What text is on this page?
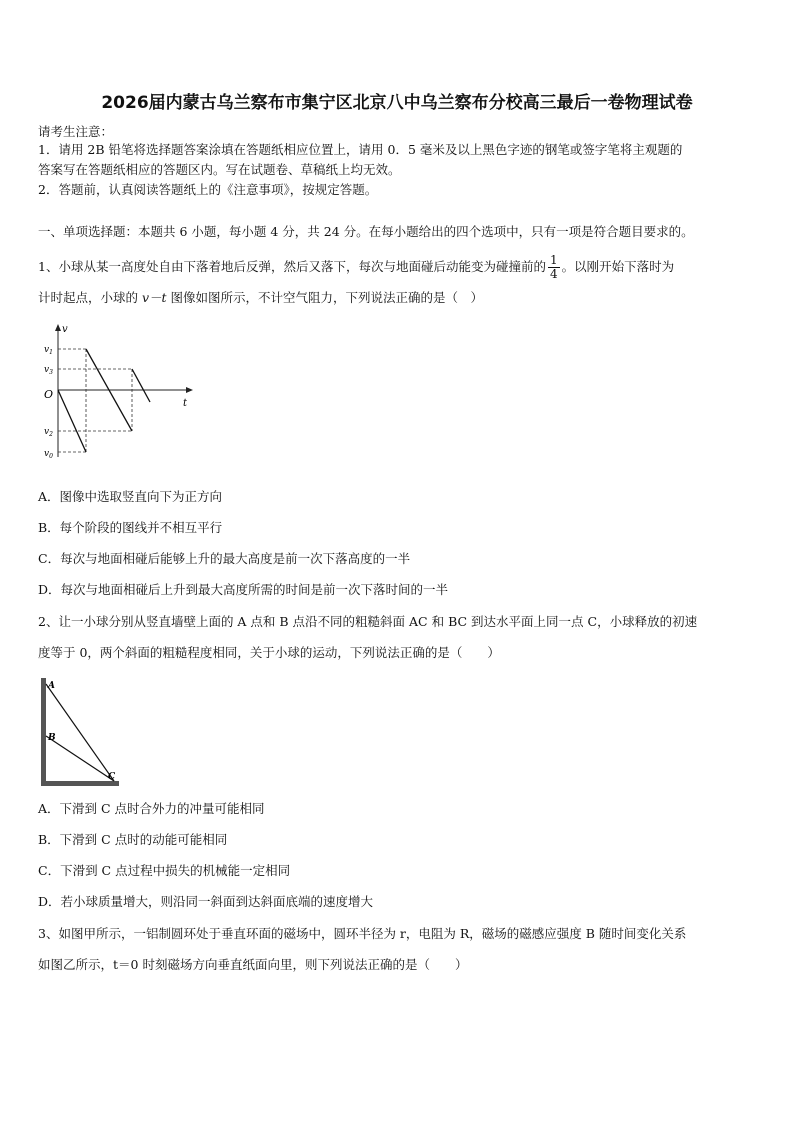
2026届内蒙古乌兰察布市集宁区北京八中乌兰察布分校高三最后一卷物理试卷
请考生注意：
1．请用 2B 铅笔将选择题答案涂填在答题纸相应位置上，请用 0．5 毫米及以上黑色字迹的钢笔或签字笔将主观题的
答案写在答题纸相应的答题区内。写在试题卷、草稿纸上均无效。
2．答题前，认真阅读答题纸上的《注意事项》，按规定答题。
一、单项选择题：本题共 6 小题，每小题 4 分，共 24 分。在每小题给出的四个选项中，只有一项是符合题目要求的。
1、小球从某一高度处自由下落着地后反弹，然后又落下，每次与地面碰后动能变为碰撞前的 $\frac{1}{4}$ 。以刚开始下落时为
计时起点，小球的 v－t 图像如图所示，不计空气阻力，下列说法正确的是（　）
v
t
O
$v_1$
$v_3$
$v_2$
$v_0$
A．图像中选取竖直向下为正方向
B．每个阶段的图线并不相互平行
C．每次与地面相碰后能够上升的最大高度是前一次下落高度的一半
D．每次与地面相碰后上升到最大高度所需的时间是前一次下落时间的一半
2、让一小球分别从竖直墙壁上面的 A 点和 B 点沿不同的粗糙斜面 AC 和 BC 到达水平面上同一点 C，小球释放的初速
度等于 0，两个斜面的粗糙程度相同，关于小球的运动，下列说法正确的是（　　）
A
B
C
A．下滑到 C 点时合外力的冲量可能相同
B．下滑到 C 点时的动能可能相同
C．下滑到 C 点过程中损失的机械能一定相同
D．若小球质量增大，则沿同一斜面到达斜面底端的速度增大
3、如图甲所示，一铝制圆环处于垂直环面的磁场中，圆环半径为 r，电阻为 R，磁场的磁感应强度 B 随时间变化关系
如图乙所示，t＝0 时刻磁场方向垂直纸面向里，则下列说法正确的是（　　）
